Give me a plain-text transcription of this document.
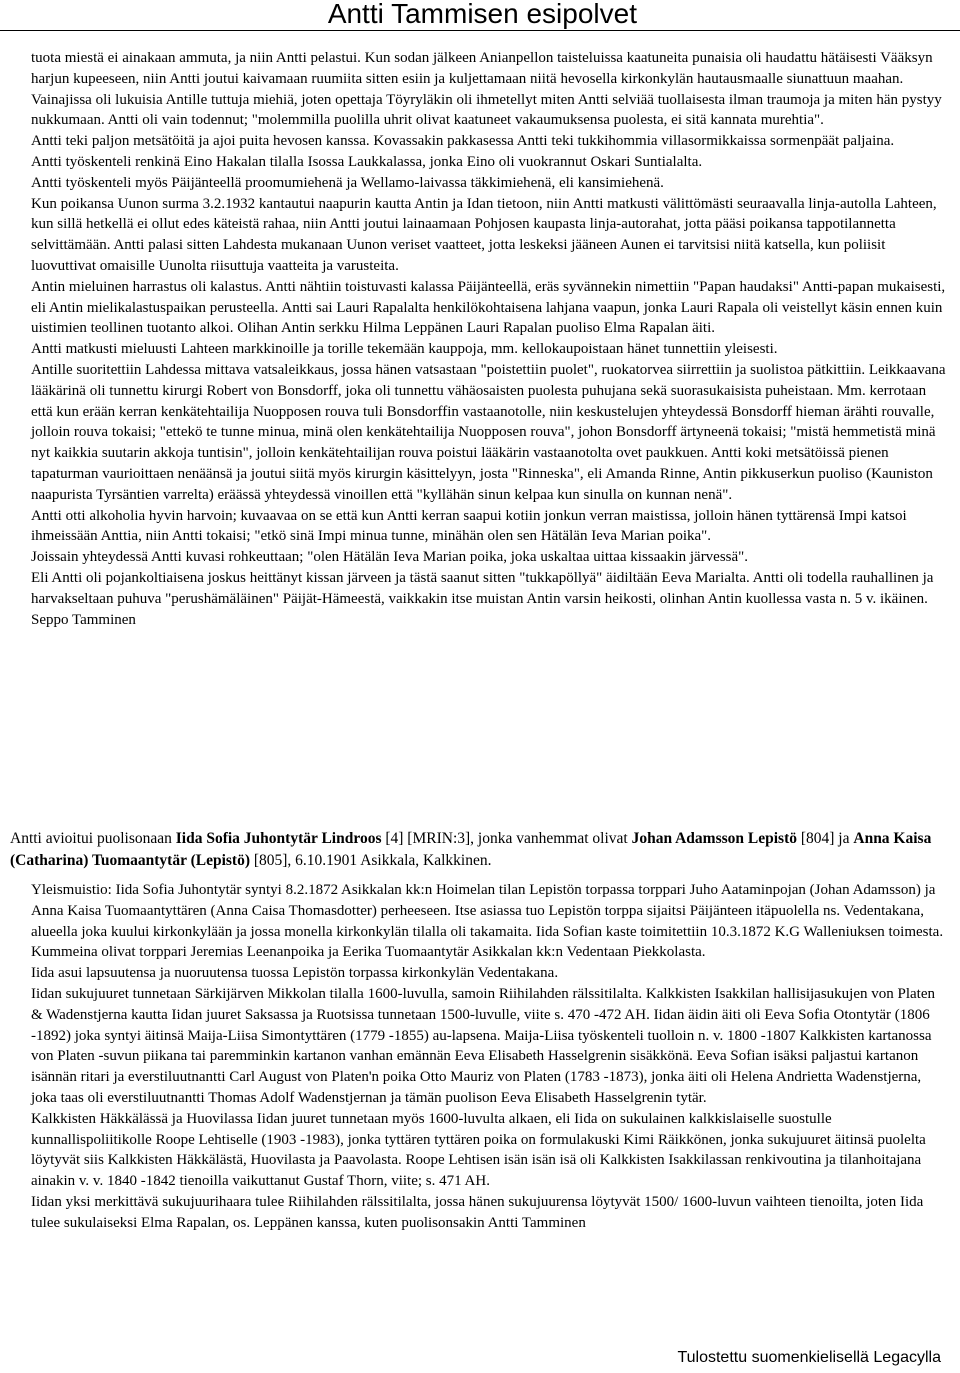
Antti Tammisen esipolvet

tuota miestä ei ainakaan ammuta, ja niin Antti pelastui. Kun sodan jälkeen Anianpellon taisteluissa kaatuneita punaisia oli haudattu hätäisesti Vääksyn harjun kupeeseen, niin Antti joutui kaivamaan ruumiita sitten esiin ja kuljettamaan niitä hevosella kirkonkylän hautausmaalle siunattuun maahan. Vainajissa oli lukuisia Antille tuttuja miehiä, joten opettaja Töyryläkin oli ihmetellyt miten Antti selviää tuollaisesta ilman traumoja ja miten hän pystyy nukkumaan. Antti oli vain todennut; "molemmilla puolilla uhrit olivat kaatuneet vakaumuksensa puolesta, ei sitä kannata murehtia".

Antti teki paljon metsätöitä ja ajoi puita hevosen kanssa. Kovassakin pakkasessa Antti teki tukkihommia villasormikkaissa sormenpäät paljaina.

Antti työskenteli renkinä Eino Hakalan tilalla Isossa Laukkalassa, jonka Eino oli vuokrannut Oskari Suntialalta.

Antti työskenteli myös Päijänteellä proomumiehenä ja Wellamo-laivassa täkkimiehenä, eli kansimiehenä.

Kun poikansa Uunon surma 3.2.1932 kantautui naapurin kautta Antin ja Idan tietoon, niin Antti matkusti välittömästi seuraavalla linja-autolla Lahteen, kun sillä hetkellä ei ollut edes käteistä rahaa, niin Antti joutui lainaamaan Pohjosen kaupasta linja-autorahat, jotta pääsi poikansa tappotilannetta selvittämään. Antti palasi sitten Lahdesta mukanaan Uunon veriset vaatteet, jotta leskeksi jääneen Aunen ei tarvitsisi niitä katsella, kun poliisit luovuttivat omaisille Uunolta riisuttuja vaatteita ja varusteita.

Antin mieluinen harrastus oli kalastus. Antti nähtiin toistuvasti kalassa Päijänteellä, eräs syvännekin nimettiin "Papan haudaksi" Antti-papan mukaisesti, eli Antin mielikalastuspaikan perusteella. Antti sai Lauri Rapalalta henkilökohtaisena lahjana vaapun, jonka Lauri Rapala oli veistellyt käsin ennen kuin uistimien teollinen tuotanto alkoi. Olihan Antin serkku Hilma Leppänen Lauri Rapalan puoliso Elma Rapalan äiti.

Antti matkusti mieluusti Lahteen markkinoille ja torille tekemään kauppoja, mm. kellokaupoistaan hänet tunnettiin yleisesti.

Antille suoritettiin Lahdessa mittava vatsaleikkaus, jossa hänen vatsastaan "poistettiin puolet", ruokatorvea siirrettiin ja suolistoa pätkittiin. Leikkaavana lääkärinä oli tunnettu kirurgi Robert von Bonsdorff, joka oli tunnettu vähäosaisten puolesta puhujana sekä suorasukaisista puheistaan. Mm. kerrotaan että kun erään kerran kenkätehtailija Nuopposen rouva tuli Bonsdorffin vastaanotolle, niin keskustelujen yhteydessä Bonsdorff hieman ärähti rouvalle, jolloin rouva tokaisi; "ettekö te tunne minua, minä olen kenkätehtailija Nuopposen rouva", johon Bonsdorff ärtyneenä tokaisi; "mistä hemmetistä minä nyt kaikkia suutarin akkoja tuntisin", jolloin kenkätehtailijan rouva poistui lääkärin vastaanotolta ovet paukkuen. Antti koki metsätöissä pienen tapaturman vaurioittaen nenäänsä ja joutui siitä myös kirurgin käsittelyyn, josta "Rinneska", eli Amanda Rinne, Antin pikkuserkun puoliso (Kauniston naapurista Tyrsäntien varrelta) eräässä yhteydessä vinoillen että "kyllähän sinun kelpaa kun sinulla on kunnan nenä".

Antti otti alkoholia hyvin harvoin; kuvaavaa on se että kun Antti kerran saapui kotiin jonkun verran maistissa, jolloin hänen tyttärensä Impi katsoi ihmeissään Anttia, niin Antti tokaisi; "etkö sinä Impi minua tunne, minähän olen sen Hätälän Ieva Marian poika".

Joissain yhteydessä Antti kuvasi rohkeuttaan; "olen Hätälän Ieva Marian poika, joka uskaltaa uittaa kissaakin järvessä".

Eli Antti oli pojankoltiaisena joskus heittänyt kissan järveen ja tästä saanut sitten "tukkapöllyä" äidiltään Eeva Marialta. Antti oli todella rauhallinen ja harvakseltaan puhuva "perushämäläinen" Päijät-Hämeestä, vaikkakin itse muistan Antin varsin heikosti, olinhan Antin kuollessa vasta n. 5 v. ikäinen.

Seppo Tamminen

Antti avioitui puolisonaan Iida Sofia Juhontytär Lindroos [4] [MRIN:3], jonka vanhemmat olivat Johan Adamsson Lepistö [804] ja Anna Kaisa (Catharina) Tuomaantytär (Lepistö) [805], 6.10.1901 Asikkala, Kalkkinen.

Yleismuistio: Iida Sofia Juhontytär syntyi 8.2.1872 Asikkalan kk:n Hoimelan tilan Lepistön torpassa torppari Juho Aataminpojan (Johan Adamsson) ja Anna Kaisa Tuomaantyttären (Anna Caisa Thomasdotter) perheeseen. Itse asiassa tuo Lepistön torppa sijaitsi Päijänteen itäpuolella ns. Vedentakana, alueella joka kuului kirkonkylään ja jossa monella kirkonkylän tilalla oli takamaita. Iida Sofian kaste toimitettiin 10.3.1872 K.G Walleniuksen toimesta. Kummeina olivat torppari Jeremias Leenanpoika ja Eerika Tuomaantytär Asikkalan kk:n Vedentaan Piekkolasta.

Iida asui lapsuutensa ja nuoruutensa tuossa Lepistön torpassa kirkonkylän Vedentakana.

Iidan sukujuuret tunnetaan Särkijärven Mikkolan tilalla 1600-luvulla, samoin Riihilahden rälssitilalta. Kalkkisten Isakkilan hallisijasukujen von Platen & Wadenstjerna kautta Iidan juuret Saksassa ja Ruotsissa tunnetaan 1500-luvulle, viite s. 470 -472 AH. Iidan äidin äiti oli Eeva Sofia Otontytär (1806 -1892) joka syntyi äitinsä Maija-Liisa Simontyttären (1779 -1855) au-lapsena. Maija-Liisa työskenteli tuolloin n. v. 1800 -1807 Kalkkisten kartanossa von Platen -suvun piikana tai paremminkin kartanon vanhan emännän Eeva Elisabeth Hasselgrenin sisäkkönä. Eeva Sofian isäksi paljastui kartanon isännän ritari ja everstiluutnantti Carl August von Platen'n poika Otto Mauriz von Platen (1783 -1873), jonka äiti oli Helena Andrietta Wadenstjerna, joka taas oli everstiluutnantti Thomas Adolf Wadenstjernan ja tämän puolison Eeva Elisabeth Hasselgrenin tytär.

Kalkkisten Häkkälässä ja Huovilassa Iidan juuret tunnetaan myös 1600-luvulta alkaen, eli Iida on sukulainen kalkkislaiselle suostulle kunnallispoliitikolle Roope Lehtiselle (1903 -1983), jonka tyttären tyttären poika on formulakuski Kimi Räikkönen, jonka sukujuuret äitinsä puolelta löytyvät siis Kalkkisten Häkkälästä, Huovilasta ja Paavolasta. Roope Lehtisen isän isän isä oli Kalkkisten Isakkilassan renkivoutina ja tilanhoitajana ainakin v. v. 1840 -1842 tienoilla vaikuttanut Gustaf Thorn, viite; s. 471 AH.

Iidan yksi merkittävä sukujuurihaara tulee Riihilahden rälssitilalta, jossa hänen sukujuurensa löytyvät 1500/ 1600-luvun vaihteen tienoilta, joten Iida tulee sukulaiseksi Elma Rapalan, os. Leppänen kanssa, kuten puolisonsakin Antti Tamminen

Tulostettu suomenkielisellä Legacylla
